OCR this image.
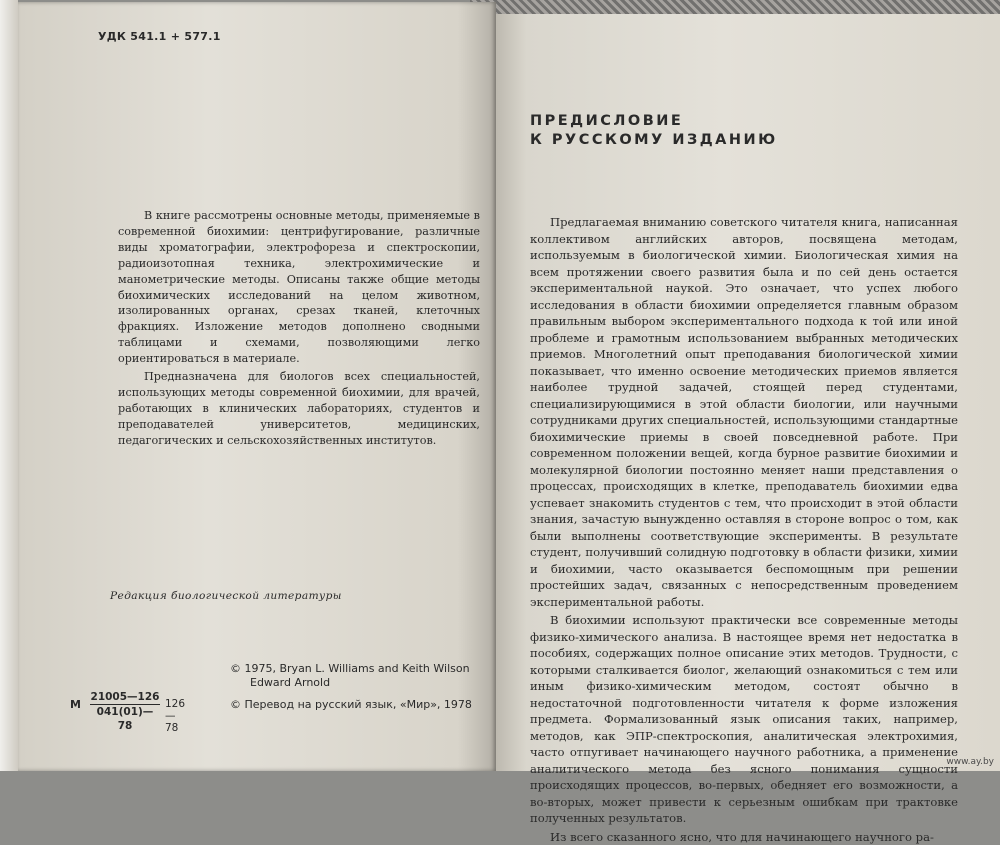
УДК 541.1 + 577.1

В книге рассмотрены основные методы, применяемые в современной биохимии: центрифугирование, различные виды хроматографии, электрофореза и спектроскопии, радиоизотопная техника, электрохимические и манометрические методы. Описаны также общие методы биохимических исследований на целом животном, изолированных органах, срезах тканей, клеточных фракциях. Изложение методов дополнено сводными таблицами и схемами, позволяющими легко ориентироваться в материале.

Предназначена для биологов всех специальностей, использующих методы современной биохимии, для врачей, работающих в клинических лабораториях, студентов и преподавателей университетов, медицинских, педагогических и сельскохозяйственных институтов.

Редакция биологической литературы
© 1975, Bryan L. Williams and Keith Wilson
Edward Arnold
М $\frac{21005—126}{041(01)—78}$ 126—78
© Перевод на русский язык, «Мир», 1978
ПРЕДИСЛОВИЕ
К РУССКОМУ ИЗДАНИЮ

Предлагаемая вниманию советского читателя книга, написанная коллективом английских авторов, посвящена методам, используемым в биологической химии. Биологическая химия на всем протяжении своего развития была и по сей день остается экспериментальной наукой. Это означает, что успех любого исследования в области биохимии определяется главным образом правильным выбором экспериментального подхода к той или иной проблеме и грамотным использованием выбранных методических приемов. Многолетний опыт преподавания биологической химии показывает, что именно освоение методических приемов является наиболее трудной задачей, стоящей перед студентами, специализирующимися в этой области биологии, или научными сотрудниками других специальностей, использующими стандартные биохимические приемы в своей повседневной работе. При современном положении вещей, когда бурное развитие биохимии и молекулярной биологии постоянно меняет наши представления о процессах, происходящих в клетке, преподаватель биохимии едва успевает знакомить студентов с тем, что происходит в этой области знания, зачастую вынужденно оставляя в стороне вопрос о том, как были выполнены соответствующие эксперименты. В результате студент, получивший солидную подготовку в области физики, химии и биохимии, часто оказывается беспомощным при решении простейших задач, связанных с непосредственным проведением экспериментальной работы.

В биохимии используют практически все современные методы физико-химического анализа. В настоящее время нет недостатка в пособиях, содержащих полное описание этих методов. Трудности, с которыми сталкивается биолог, желающий ознакомиться с тем или иным физико-химическим методом, состоят обычно в недостаточной подготовленности читателя к форме изложения предмета. Формализованный язык описания таких, например, методов, как ЭПР-спектроскопия, аналитическая электрохимия, часто отпугивает начинающего научного работника, а применение аналитического метода без ясного понимания сущности происходящих процессов, во-первых, обедняет его возможности, а во-вторых, может привести к серьезным ошибкам при трактовке полученных результатов.

Из всего сказанного ясно, что для начинающего научного ра-

www.ay.by
